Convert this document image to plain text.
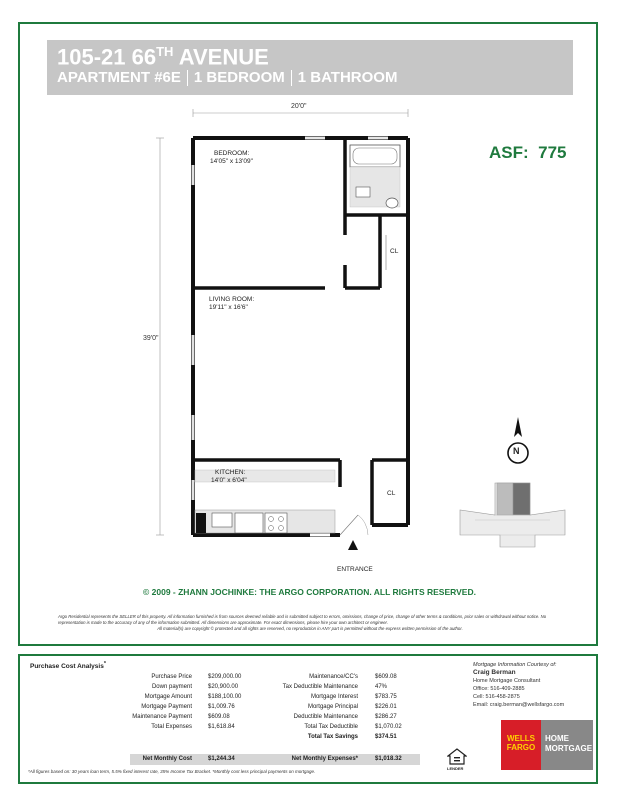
105-21 66TH AVENUE
APARTMENT #6E 1 BEDROOM 1 BATHROOM
ASF: 775
20'0"
39'0"
BEDROOM:
14'05" x 13'09"
LIVING ROOM:
19'11" x 16'6"
KITCHEN:
14'0" x 6'04"
CL
CL
ENTRANCE
N
© 2009 - ZHANN JOCHINKE: THE ARGO CORPORATION. ALL RIGHTS RESERVED.
Argo Residential represents the SELLER of this property. All information furnished is from sources deemed reliable and is submitted subject to errors, omissions, change of price, change of other terms & conditions, prior sales or withdrawal without notice. No representation is made to the accuracy of any of the information submitted. All dimensions are approximate. For exact dimensions, please hire your own architect or engineer.
All material(s) are copyright © protected and all rights are reserved, no reproduction in ANY part is permitted without the express written permission of the author.
Purchase Cost Analysis*
Purchase Price	$209,000.00
Down payment	$20,900.00
Mortgage Amount	$188,100.00
Mortgage Payment	$1,009.76
Maintenance Payment	$609.08
Total Expenses	$1,618.84
Maintenance/CC's	$609.08
Tax Deductible Maintenance	47%
Mortgage Interest	$783.75
Mortgage Principal	$226.01
Deductible Maintenance	$286.27
Total Tax Deductible	$1,070.02
Total Tax Savings	$374.51
Net Monthly Cost	$1,244.34	Net Monthly Expenses*	$1,018.32
*All figures based on: 30 years loan term, 5.5% fixed interest rate, 35% Income Tax Bracket. *Monthly cost less principal payments on mortgage.
Mortgage Information Courtesy of:
Craig Berman
Home Mortgage Consultant
Office: 516-409-2885
Cell: 516-458-2875
Email: craig.berman@wellsfargo.com
LENDER
WELLS
FARGO
HOME
MORTGAGE
